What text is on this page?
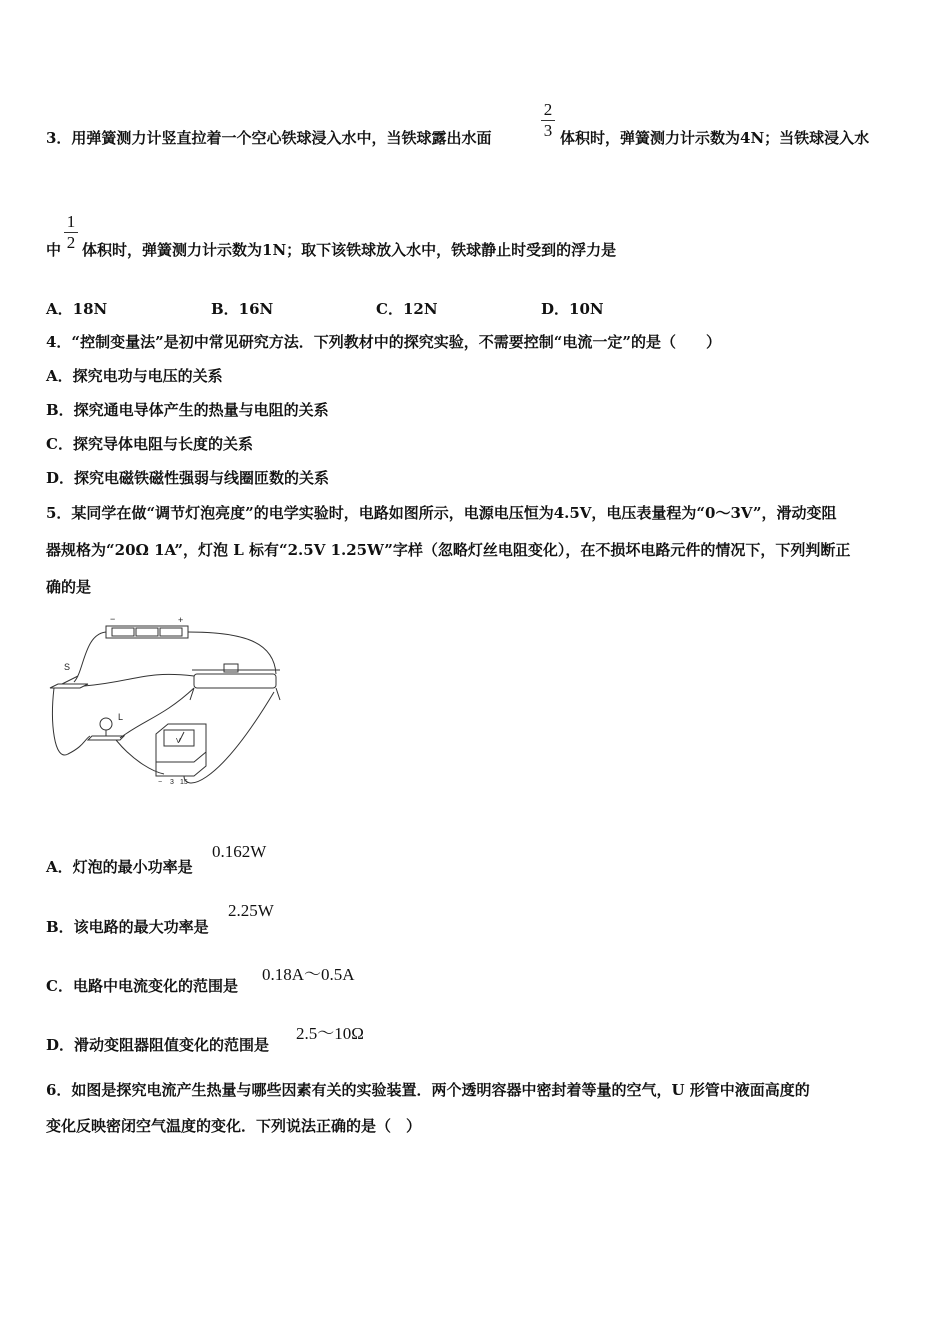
3．用弹簧测力计竖直拉着一个空心铁球浸入水中，当铁球露出水面
2
3 体积时，弹簧测力计示数为4N；当铁球浸入水
中
1
2 体积时，弹簧测力计示数为1N；取下该铁球放入水中，铁球静止时受到的浮力是
A．18N	B．16N	C．12N	D．10N
4．“控制变量法”是初中常见研究方法．下列教材中的探究实验，不需要控制“电流一定”的是（　　）
A．探究电功与电压的关系
B．探究通电导体产生的热量与电阻的关系
C．探究导体电阻与长度的关系
D．探究电磁铁磁性强弱与线圈匝数的关系
5．某同学在做“调节灯泡亮度”的电学实验时，电路如图所示，电源电压恒为4.5V，电压表量程为“0～3V”，滑动变阻
器规格为“20Ω 1A”，灯泡 L 标有“2.5V 1.25W”字样（忽略灯丝电阻变化），在不损坏电路元件的情况下，下列判断正
确的是
S
L
−	+
V
− 3 15
A．灯泡的最小功率是
0.162W
B．该电路的最大功率是
2.25W
C．电路中电流变化的范围是
0.18A～0.5A
D．滑动变阻器阻值变化的范围是
2.5～10Ω
6．如图是探究电流产生热量与哪些因素有关的实验装置．两个透明容器中密封着等量的空气，U 形管中液面高度的
变化反映密闭空气温度的变化．下列说法正确的是（　）
